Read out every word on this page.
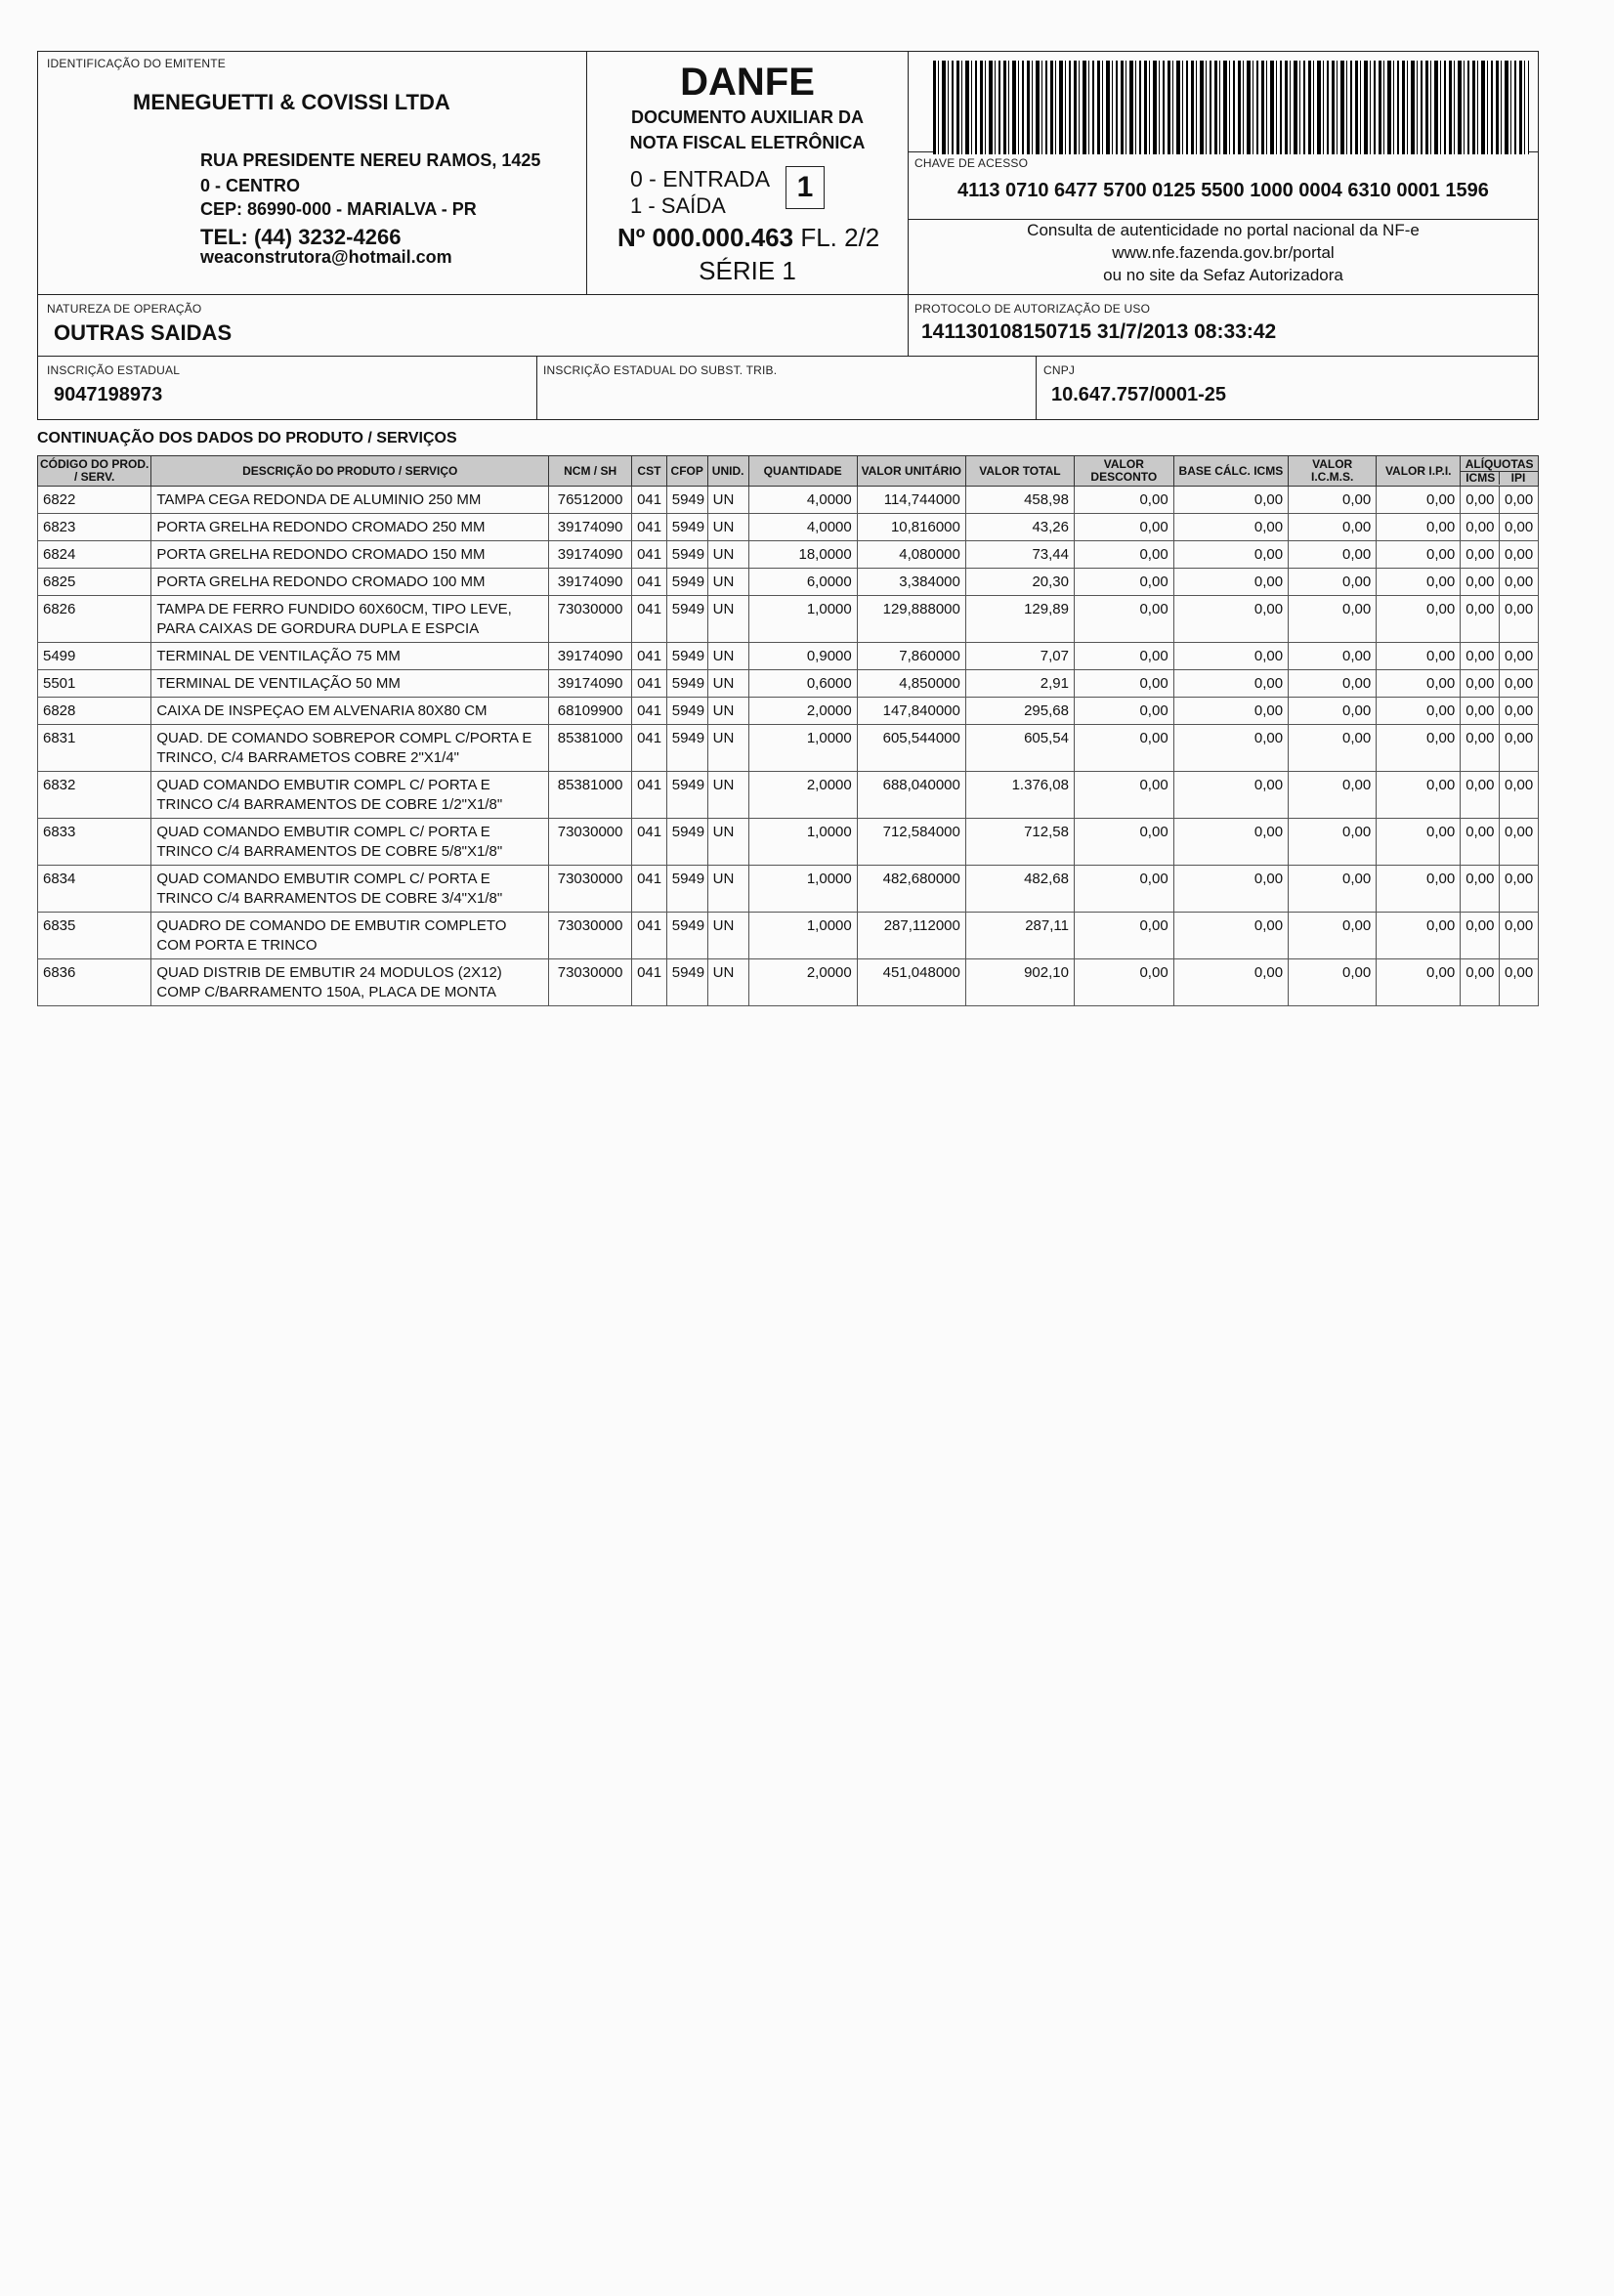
IDENTIFICAÇÃO DO EMITENTE
MENEGUETTI & COVISSI LTDA
RUA PRESIDENTE NEREU RAMOS, 1425
0 - CENTRO
CEP: 86990-000 - MARIALVA - PR
TEL: (44) 3232-4266
weaconstrutora@hotmail.com
DANFE
DOCUMENTO AUXILIAR DA
NOTA FISCAL ELETRÔNICA
0 - ENTRADA
1 - SAÍDA
1
Nº 000.000.463 FL. 2/2
SÉRIE 1
CHAVE DE ACESSO
4113 0710 6477 5700 0125 5500 1000 0004 6310 0001 1596
Consulta de autenticidade no portal nacional da NF-e
www.nfe.fazenda.gov.br/portal
ou no site da Sefaz Autorizadora
NATUREZA DE OPERAÇÃO
OUTRAS SAIDAS
PROTOCOLO DE AUTORIZAÇÃO DE USO
141130108150715 31/7/2013 08:33:42
INSCRIÇÃO ESTADUAL
9047198973
INSCRIÇÃO ESTADUAL DO SUBST. TRIB.	CNPJ
10.647.757/0001-25
CONTINUAÇÃO DOS DADOS DO PRODUTO / SERVIÇOS
CÓDIGO DO PROD. / SERV.	DESCRIÇÃO DO PRODUTO / SERVIÇO	NCM / SH	CST	CFOP	UNID.	QUANTIDADE	VALOR UNITÁRIO	VALOR TOTAL	VALOR DESCONTO	BASE CÁLC. ICMS	VALOR I.C.M.S.	VALOR I.P.I.	ALÍQUOTAS
ICMS IPI	
6822	TAMPA CEGA REDONDA DE ALUMINIO 250 MM	76512000	041	5949	UN	4,0000	114,744000	458,98	0,00	0,00	0,00	0,00	0,00	0,00
6823	PORTA GRELHA REDONDO CROMADO 250 MM	39174090	041	5949	UN	4,0000	10,816000	43,26	0,00	0,00	0,00	0,00	0,00	0,00
6824	PORTA GRELHA REDONDO CROMADO 150 MM	39174090	041	5949	UN	18,0000	4,080000	73,44	0,00	0,00	0,00	0,00	0,00	0,00
6825	PORTA GRELHA REDONDO CROMADO 100 MM	39174090	041	5949	UN	6,0000	3,384000	20,30	0,00	0,00	0,00	0,00	0,00	0,00
6826	TAMPA DE FERRO FUNDIDO 60X60CM, TIPO LEVE, PARA CAIXAS DE GORDURA DUPLA E ESPCIA	73030000	041	5949	UN	1,0000	129,888000	129,89	0,00	0,00	0,00	0,00	0,00	0,00
5499	TERMINAL DE VENTILAÇÃO 75 MM	39174090	041	5949	UN	0,9000	7,860000	7,07	0,00	0,00	0,00	0,00	0,00	0,00
5501	TERMINAL DE VENTILAÇÃO 50 MM	39174090	041	5949	UN	0,6000	4,850000	2,91	0,00	0,00	0,00	0,00	0,00	0,00
6828	CAIXA DE INSPEÇAO EM ALVENARIA 80X80 CM	68109900	041	5949	UN	2,0000	147,840000	295,68	0,00	0,00	0,00	0,00	0,00	0,00
6831	QUAD. DE COMANDO SOBREPOR COMPL C/PORTA E TRINCO, C/4 BARRAMETOS COBRE 2"X1/4"	85381000	041	5949	UN	1,0000	605,544000	605,54	0,00	0,00	0,00	0,00	0,00	0,00
6832	QUAD COMANDO EMBUTIR COMPL C/ PORTA E TRINCO C/4 BARRAMENTOS DE COBRE 1/2"X1/8"	85381000	041	5949	UN	2,0000	688,040000	1.376,08	0,00	0,00	0,00	0,00	0,00	0,00
6833	QUAD COMANDO EMBUTIR COMPL C/ PORTA E TRINCO C/4 BARRAMENTOS DE COBRE 5/8"X1/8"	73030000	041	5949	UN	1,0000	712,584000	712,58	0,00	0,00	0,00	0,00	0,00	0,00
6834	QUAD COMANDO EMBUTIR COMPL C/ PORTA E TRINCO C/4 BARRAMENTOS DE COBRE 3/4"X1/8"	73030000	041	5949	UN	1,0000	482,680000	482,68	0,00	0,00	0,00	0,00	0,00	0,00
6835	QUADRO DE COMANDO DE EMBUTIR COMPLETO COM PORTA E TRINCO	73030000	041	5949	UN	1,0000	287,112000	287,11	0,00	0,00	0,00	0,00	0,00	0,00
6836	QUAD DISTRIB DE EMBUTIR 24 MODULOS (2X12) COMP C/BARRAMENTO 150A, PLACA DE MONTA	73030000	041	5949	UN	2,0000	451,048000	902,10	0,00	0,00	0,00	0,00	0,00	0,00
